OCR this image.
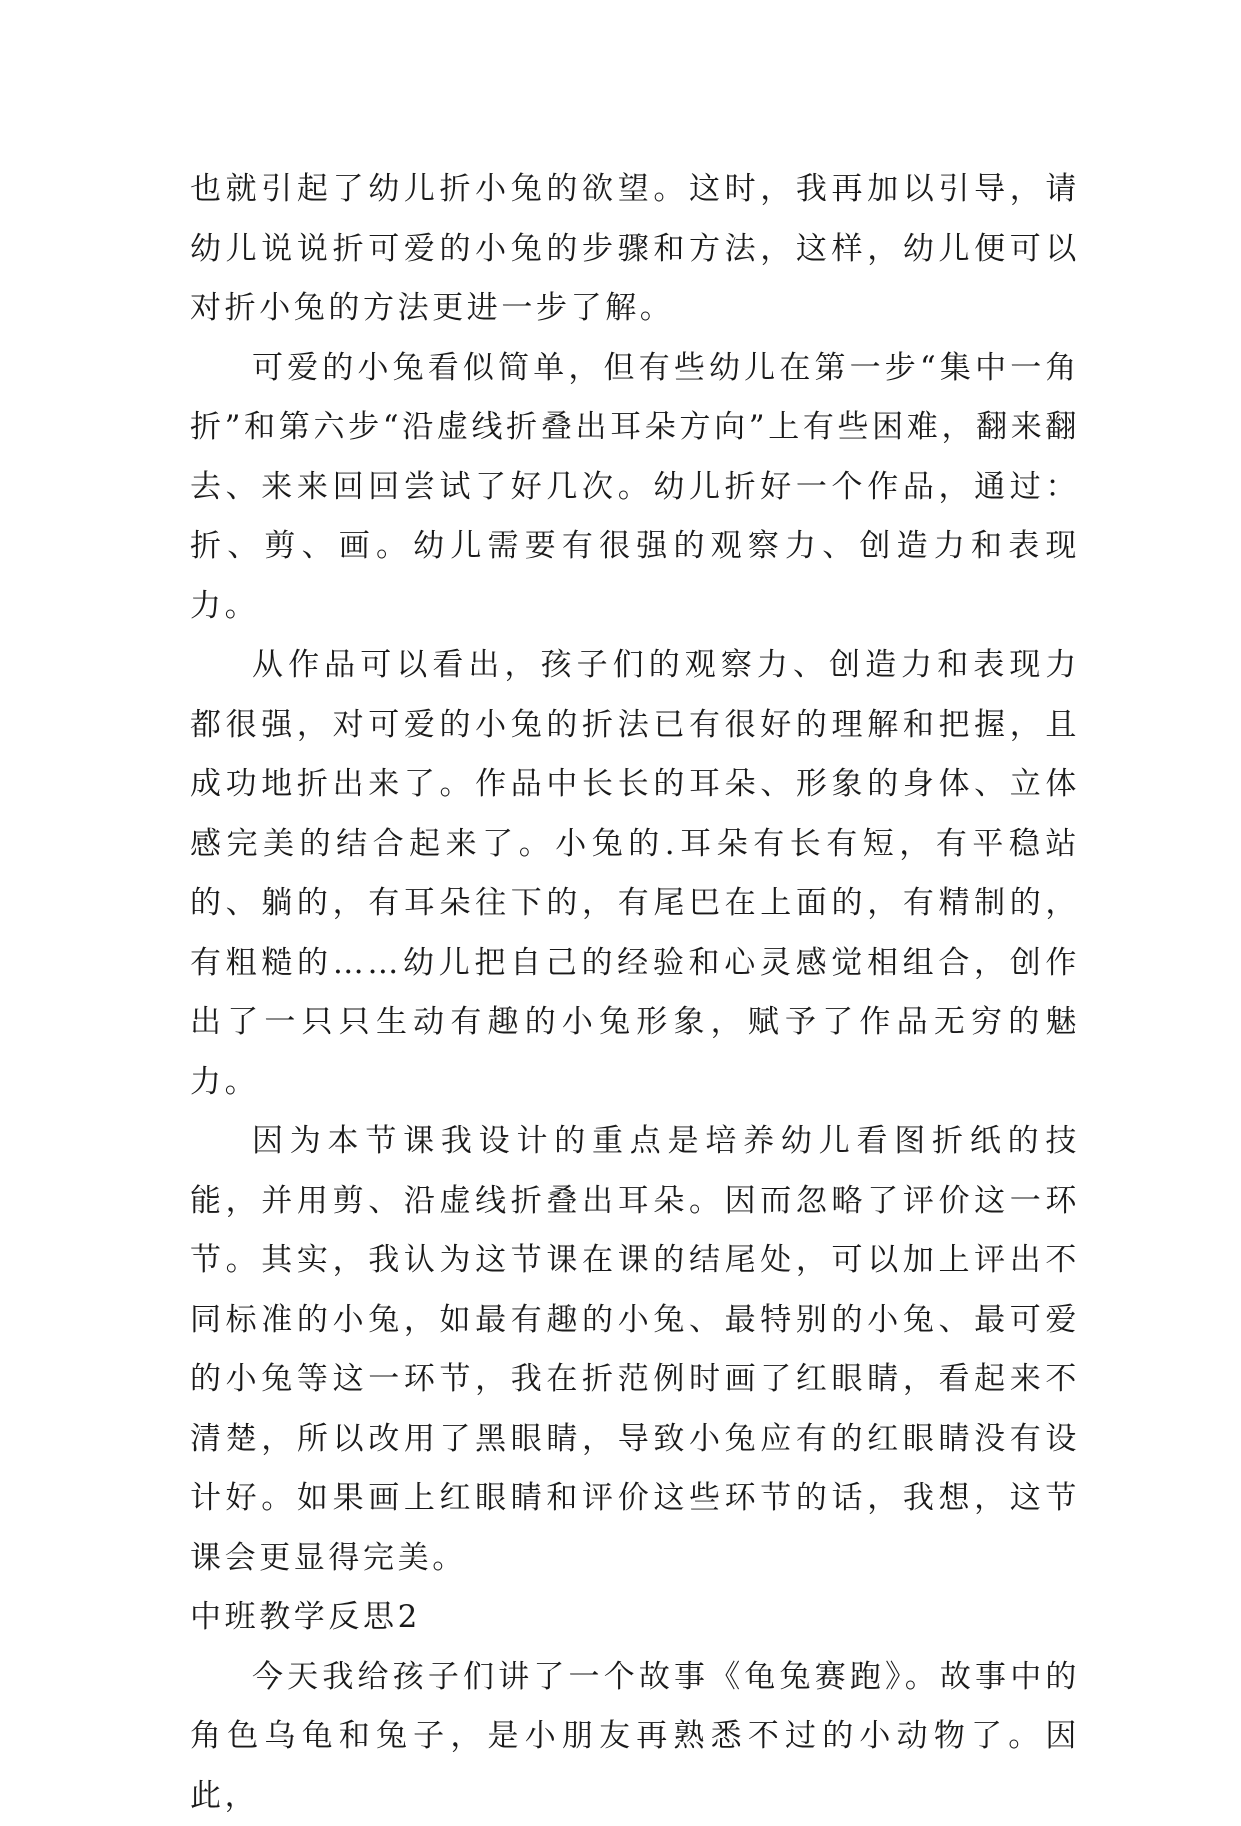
也就引起了幼儿折小兔的欲望。这时，我再加以引导，请幼儿说说折可爱的小兔的步骤和方法，这样，幼儿便可以对折小兔的方法更进一步了解。

可爱的小兔看似简单，但有些幼儿在第一步“集中一角折”和第六步“沿虚线折叠出耳朵方向”上有些困难，翻来翻去、来来回回尝试了好几次。幼儿折好一个作品，通过：折、剪、画。幼儿需要有很强的观察力、创造力和表现力。

从作品可以看出，孩子们的观察力、创造力和表现力都很强，对可爱的小兔的折法已有很好的理解和把握，且成功地折出来了。作品中长长的耳朵、形象的身体、立体感完美的结合起来了。小兔的.耳朵有长有短，有平稳站的、躺的，有耳朵往下的，有尾巴在上面的，有精制的，有粗糙的……幼儿把自己的经验和心灵感觉相组合，创作出了一只只生动有趣的小兔形象，赋予了作品无穷的魅力。

因为本节课我设计的重点是培养幼儿看图折纸的技能，并用剪、沿虚线折叠出耳朵。因而忽略了评价这一环节。其实，我认为这节课在课的结尾处，可以加上评出不同标准的小兔，如最有趣的小兔、最特别的小兔、最可爱的小兔等这一环节，我在折范例时画了红眼睛，看起来不清楚，所以改用了黑眼睛，导致小兔应有的红眼睛没有设计好。如果画上红眼睛和评价这些环节的话，我想，这节课会更显得完美。

中班教学反思2

今天我给孩子们讲了一个故事《龟兔赛跑》。故事中的角色乌龟和兔子，是小朋友再熟悉不过的小动物了。因此，
